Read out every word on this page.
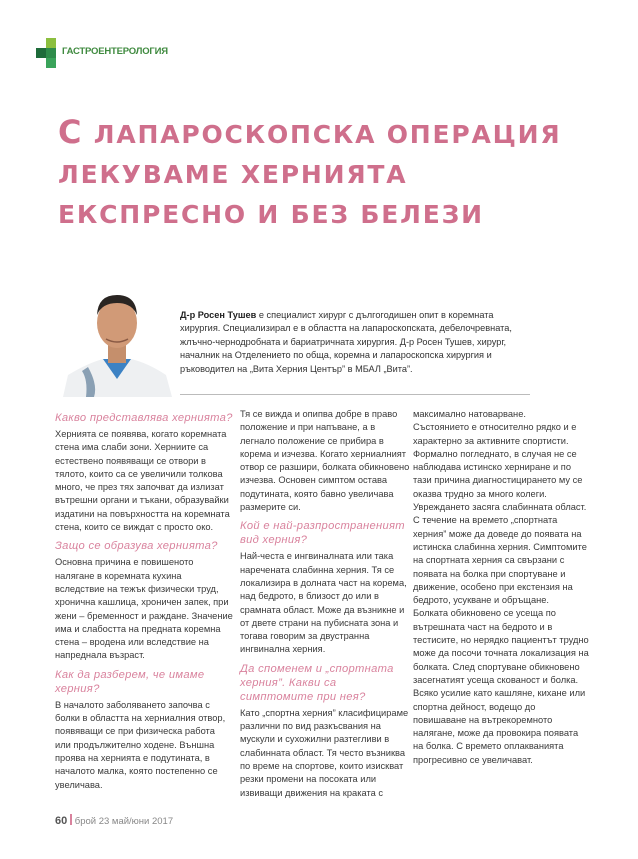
ГАСТРОЕНТЕРОЛОГИЯ
С ЛАПАРОСКОПСКА ОПЕРАЦИЯ
ЛЕКУВАМЕ ХЕРНИЯТА
ЕКСПРЕСНО И БЕЗ БЕЛЕЗИ
Д-р Росен Тушев е специалист хирург с дългогодишен опит в коремната хирургия. Специализирал е в областта на лапароскопската, дебелочревната, жлъчно-чернодробната и бариатричната хирургия. Д-р Росен Тушев, хирург, началник на Отделението по обща, коремна и лапароскопска хирургия и ръководител на „Вита Херния Център” в МБАЛ „Вита”.
Какво представлява хернията?

Хернията се появява, когато коремната стена има слаби зони. Херниите са естествено появяващи се отвори в тялото, които са се увеличили толкова много, че през тях започват да излизат вътрешни органи и тъкани, образувайки издатини на повърхността на коремната стена, които се виждат с просто око.

Защо се образува хернията?

Основна причина е повишеното налягане в коремната кухина вследствие на тежък физически труд, хронична кашлица, хроничен запек, при жени – бременност и раждане. Значение има и слабостта на предната коремна стена – вродена или вследствие на напреднала възраст.

Как да разберем, че имаме херния?

В началото заболяването започва с болки в областта на херниалния отвор, появяващи се при физическа работа или продължително ходене. Външна проява на хернията е подутината, в началото малка, която постепенно се увеличава.

Тя се вижда и опипва добре в право положение и при напъване, а в легнало положение се прибира в корема и изчезва. Когато херниалният отвор се разшири, болката обикновено изчезва. Основен симптом остава подутината, която бавно увеличава размерите си.

Кой е най-разпространеният вид херния?

Най-честа е ингвиналната или така наречената слабинна херния. Тя се локализира в долната част на корема, над бедрото, в близост до или в срамната област. Може да възникне и от двете страни на пубисната зона и тогава говорим за двустранна ингвинална херния.

Да споменем и „спортната херния”. Какви са симптомите при нея?

Като „спортна херния” класифицираме различни по вид разкъсвания на мускули и сухожилни разтегливи в слабинната област. Тя често възниква по време на спортове, които изискват резки промени на посоката или извиващи движения на краката с

максимално натоварване.

Състоянието е относително рядко и е характерно за активните спортисти. Формално погледнато, в случая не се наблюдава истинско херниране и по тази причина диагностицирането му се оказва трудно за много колеги.

Увреждането засяга слабинната област. С течение на времето „спортната херния” може да доведе до появата на истинска слабинна херния. Симптомите на спортната херния са свързани с появата на болка при спортуване и движение, особено при екстензия на бедрото, усукване и обръщане.

Болката обикновено се усеща по вътрешната част на бедрото и в тестисите, но нерядко пациентът трудно може да посочи точната локализация на болката. След спортуване обикновено засегнатият усеща скованост и болка. Всяко усилие като кашляне, кихане или спортна дейност, водещо до повишаване на вътрекоремното налягане, може да провокира появата на болка. С времето оплакванията прогресивно се увеличават.

60 брой 23 май/юни 2017
